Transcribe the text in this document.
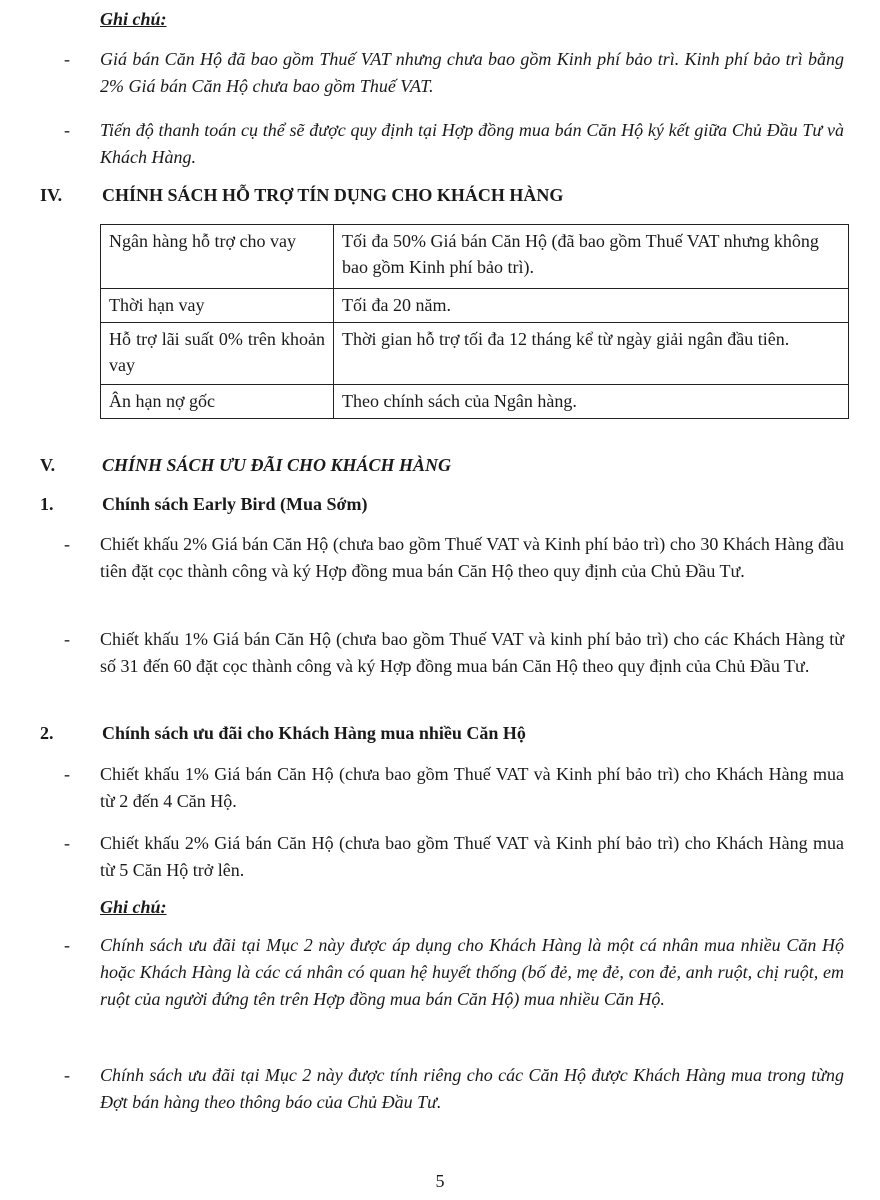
Ghi chú:
- Giá bán Căn Hộ đã bao gồm Thuế VAT nhưng chưa bao gồm Kinh phí bảo trì. Kinh phí bảo trì bằng 2% Giá bán Căn Hộ chưa bao gồm Thuế VAT.
- Tiến độ thanh toán cụ thể sẽ được quy định tại Hợp đồng mua bán Căn Hộ ký kết giữa Chủ Đầu Tư và Khách Hàng.
IV. CHÍNH SÁCH HỖ TRỢ TÍN DỤNG CHO KHÁCH HÀNG
Ngân hàng hỗ trợ cho vay	Tối đa 50% Giá bán Căn Hộ (đã bao gồm Thuế VAT nhưng không bao gồm Kinh phí bảo trì).
Thời hạn vay	Tối đa 20 năm.
Hỗ trợ lãi suất 0% trên khoản vay	Thời gian hỗ trợ tối đa 12 tháng kể từ ngày giải ngân đầu tiên.
Ân hạn nợ gốc	Theo chính sách của Ngân hàng.
V.	CHÍNH SÁCH ƯU ĐÃI CHO KHÁCH HÀNG
1.	Chính sách Early Bird (Mua Sớm)
- Chiết khấu 2% Giá bán Căn Hộ (chưa bao gồm Thuế VAT và Kinh phí bảo trì) cho 30 Khách Hàng đầu tiên đặt cọc thành công và ký Hợp đồng mua bán Căn Hộ theo quy định của Chủ Đầu Tư.
- Chiết khấu 1% Giá bán Căn Hộ (chưa bao gồm Thuế VAT và kinh phí bảo trì) cho các Khách Hàng từ số 31 đến 60 đặt cọc thành công và ký Hợp đồng mua bán Căn Hộ theo quy định của Chủ Đầu Tư.
2.	Chính sách ưu đãi cho Khách Hàng mua nhiều Căn Hộ
- Chiết khấu 1% Giá bán Căn Hộ (chưa bao gồm Thuế VAT và Kinh phí bảo trì) cho Khách Hàng mua từ 2 đến 4 Căn Hộ.
- Chiết khấu 2% Giá bán Căn Hộ (chưa bao gồm Thuế VAT và Kinh phí bảo trì) cho Khách Hàng mua từ 5 Căn Hộ trở lên.
Ghi chú:
- Chính sách ưu đãi tại Mục 2 này được áp dụng cho Khách Hàng là một cá nhân mua nhiều Căn Hộ hoặc Khách Hàng là các cá nhân có quan hệ huyết thống (bố đẻ, mẹ đẻ, con đẻ, anh ruột, chị ruột, em ruột của người đứng tên trên Hợp đồng mua bán Căn Hộ) mua nhiều Căn Hộ.
- Chính sách ưu đãi tại Mục 2 này được tính riêng cho các Căn Hộ được Khách Hàng mua trong từng Đợt bán hàng theo thông báo của Chủ Đầu Tư.
5
